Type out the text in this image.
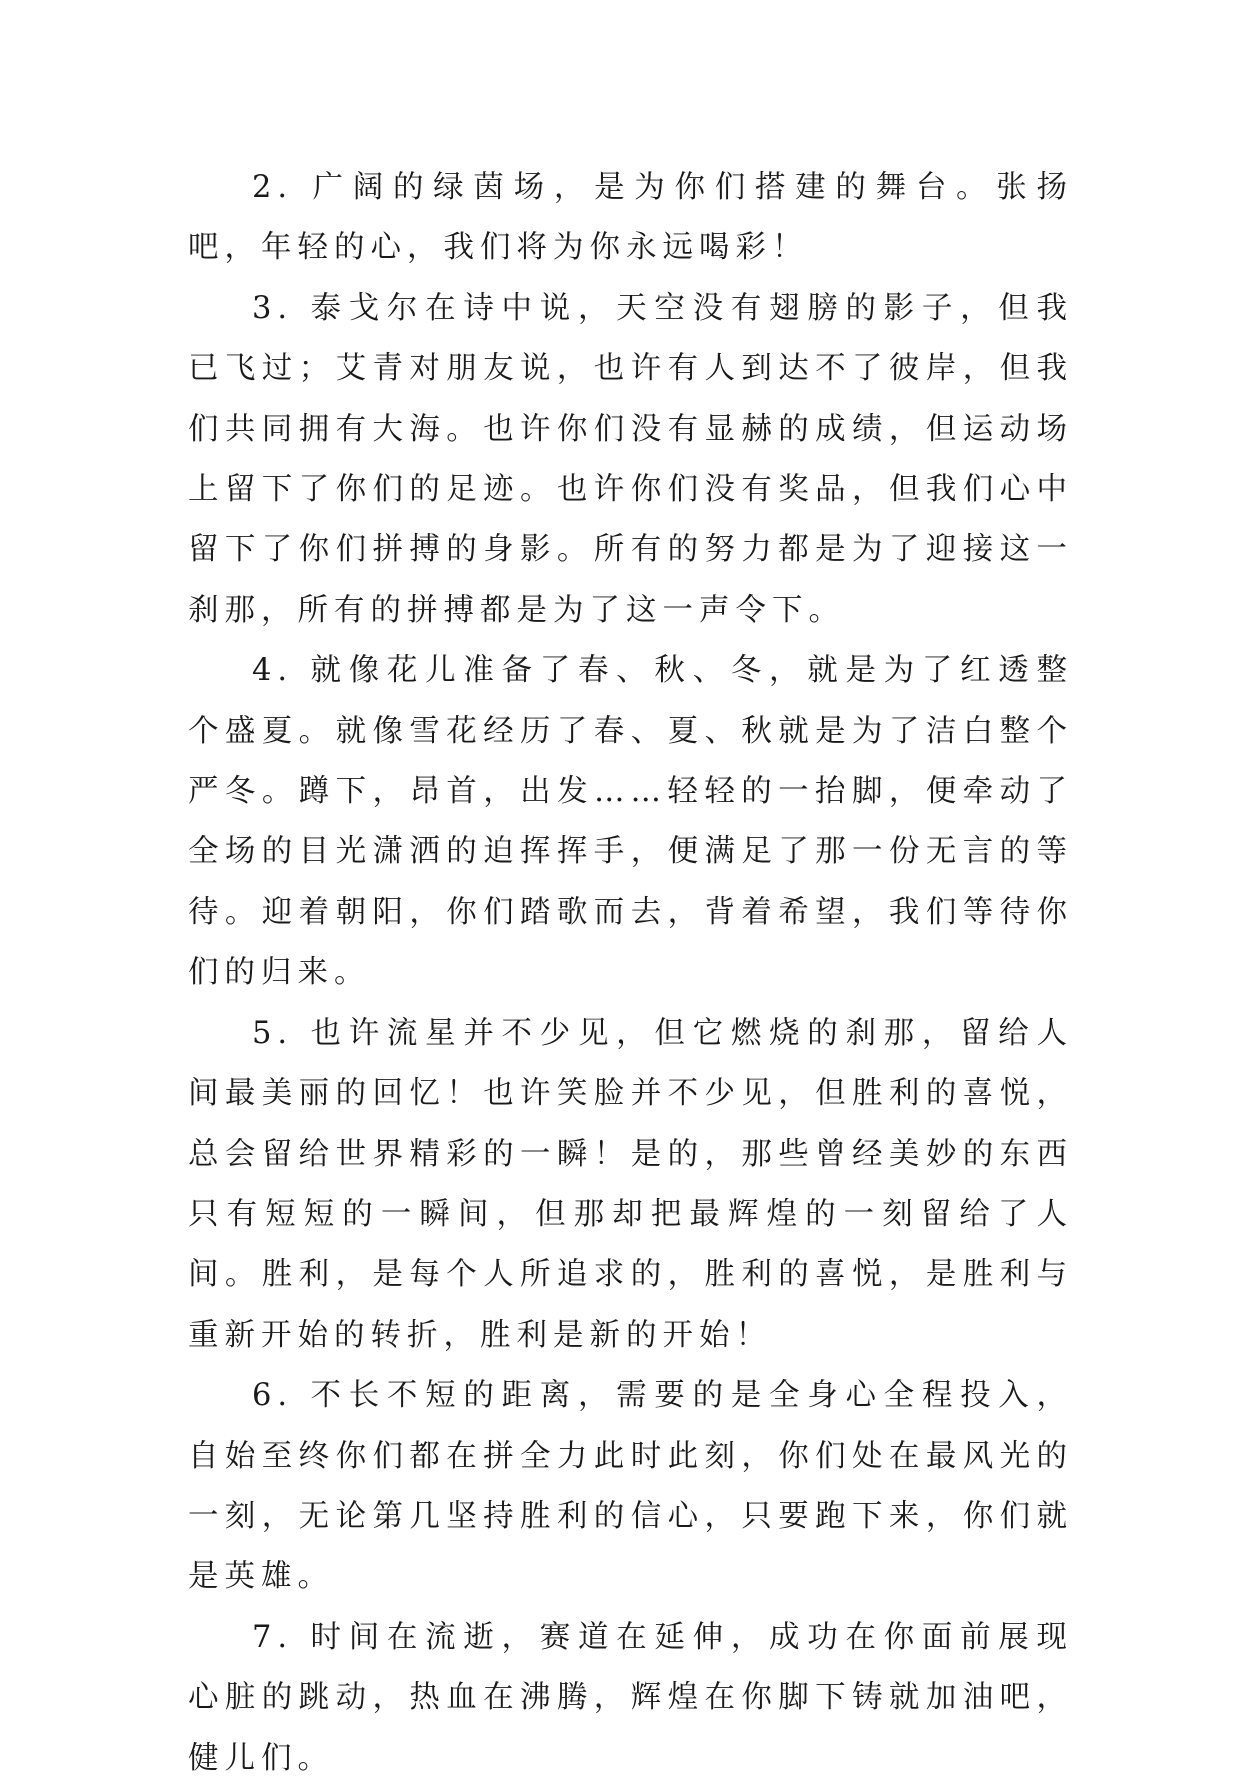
2. 广阔的绿茵场，是为你们搭建的舞台。张扬吧，年轻的心，我们将为你永远喝彩！

3. 泰戈尔在诗中说，天空没有翅膀的影子，但我已飞过；艾青对朋友说，也许有人到达不了彼岸，但我们共同拥有大海。也许你们没有显赫的成绩，但运动场上留下了你们的足迹。也许你们没有奖品，但我们心中留下了你们拼搏的身影。所有的努力都是为了迎接这一刹那，所有的拼搏都是为了这一声令下。

4. 就像花儿准备了春、秋、冬，就是为了红透整个盛夏。就像雪花经历了春、夏、秋就是为了洁白整个严冬。蹲下，昂首，出发……轻轻的一抬脚，便牵动了全场的目光潇洒的迫挥挥手，便满足了那一份无言的等待。迎着朝阳，你们踏歌而去，背着希望，我们等待你们的归来。

5. 也许流星并不少见，但它燃烧的刹那，留给人间最美丽的回忆！也许笑脸并不少见，但胜利的喜悦，总会留给世界精彩的一瞬！是的，那些曾经美妙的东西只有短短的一瞬间，但那却把最辉煌的一刻留给了人间。胜利，是每个人所追求的，胜利的喜悦，是胜利与重新开始的转折，胜利是新的开始！

6. 不长不短的距离，需要的是全身心全程投入，自始至终你们都在拼全力此时此刻，你们处在最风光的一刻，无论第几坚持胜利的信心，只要跑下来，你们就是英雄。

7. 时间在流逝，赛道在延伸，成功在你面前展现心脏的跳动，热血在沸腾，辉煌在你脚下铸就加油吧，健儿们。
